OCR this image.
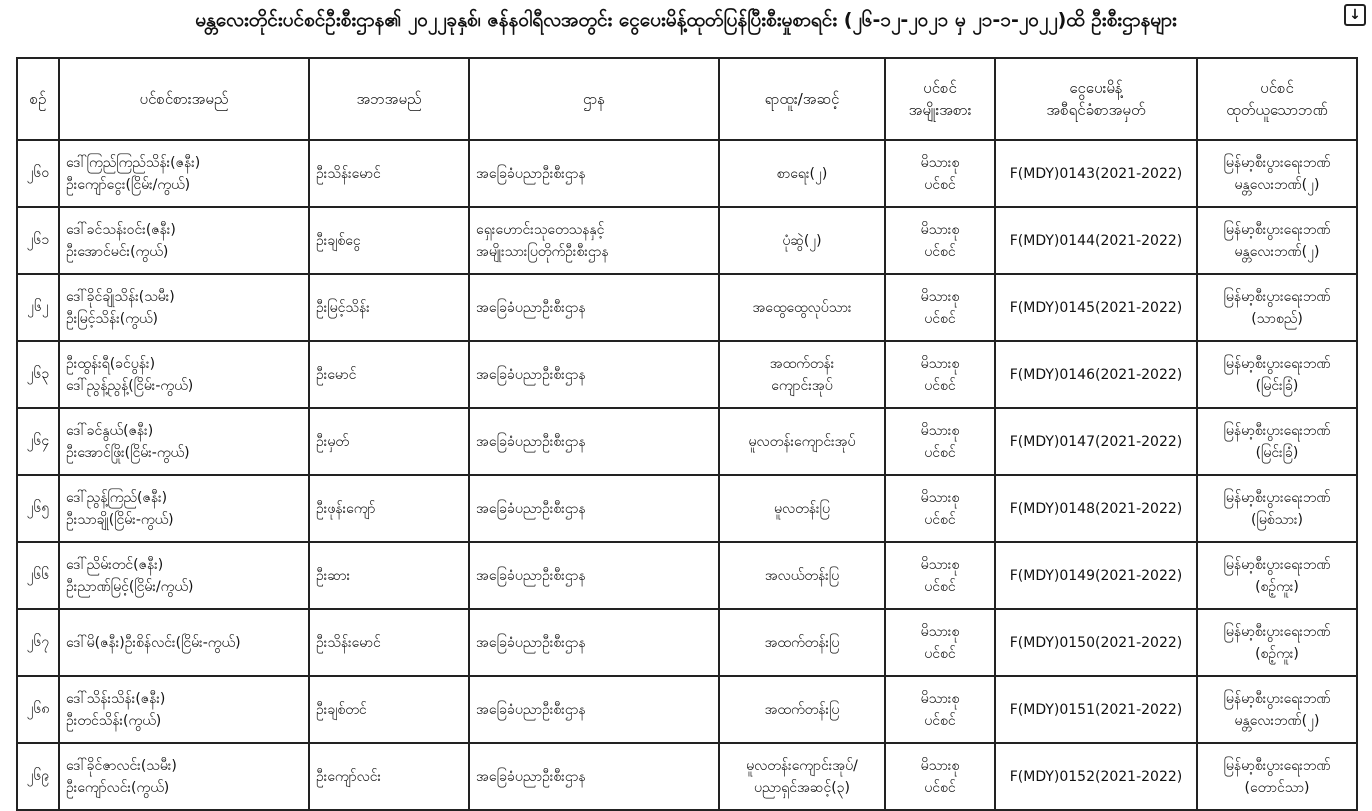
မန္တလေးတိုင်းပင်စင်ဦးစီးဌာန၏ ၂၀၂၂ခုနှစ်၊ ဇန်နဝါရီလအတွင်း ငွေပေးမိန့်ထုတ်ပြန်ပြီးစီးမှုစာရင်း (၂၆-၁၂-၂၀၂၁ မှ ၂၁-၁-၂၀၂၂)ထိ ဦးစီးဌာနများ	↓
စဉ်	ပင်စင်စားအမည်	အဘအမည်	ဌာန	ရာထူး/အဆင့်	ပင်စင်
အမျိုးအစား	ငွေပေးမိန့်
အစီရင်ခံစာအမှတ်	ပင်စင်
ထုတ်ယူသောဘဏ်

၂၆၀	ဒေါ်ကြည်ကြည်သိန်း(ဇနီး)
ဦးကျော်ငွေး(ငြိမ်း/ကွယ်)	ဦးသိန်းမောင်	အခြေခံပညာဦးစီးဌာန	စာရေး(၂)	မိသားစု
ပင်စင်	F(MDY)0143(2021-2022)	မြန်မာ့စီးပွားရေးဘဏ်
မန္တလေးဘဏ်(၂)

၂၆၁	ဒေါ်ခင်သန်းဝင်း(ဇနီး)
ဦးအောင်မင်း(ကွယ်)	ဦးချစ်ငွေ	ရှေးဟောင်းသုတေသနနှင့်
အမျိုးသားပြတိုက်ဦးစီးဌာန	ပုံဆွဲ(၂)	မိသားစု
ပင်စင်	F(MDY)0144(2021-2022)	မြန်မာ့စီးပွားရေးဘဏ်
မန္တလေးဘဏ်(၂)

၂၆၂	ဒေါ်ခိုင်ချိုသိန်း(သမီး)
ဦးမြင့်သိန်း(ကွယ်)	ဦးမြင့်သိန်း	အခြေခံပညာဦးစီးဌာန	အထွေထွေလုပ်သား	မိသားစု
ပင်စင်	F(MDY)0145(2021-2022)	မြန်မာ့စီးပွားရေးဘဏ်
(သာစည်)

၂၆၃	ဦးထွန်းရီ(ခင်ပွန်း)
ဒေါ်ညွန့်ညွန့်(ငြိမ်း-ကွယ်)	ဦးမောင်	အခြေခံပညာဦးစီးဌာန	အထက်တန်း
ကျောင်းအုပ်	မိသားစု
ပင်စင်	F(MDY)0146(2021-2022)	မြန်မာ့စီးပွားရေးဘဏ်
(မြင်းခြံ)

၂၆၄	ဒေါ်ခင်နွယ်(ဇနီး)
ဦးအောင်ဖြိုး(ငြိမ်း-ကွယ်)	ဦးမှတ်	အခြေခံပညာဦးစီးဌာန	မူလတန်းကျောင်းအုပ်	မိသားစု
ပင်စင်	F(MDY)0147(2021-2022)	မြန်မာ့စီးပွားရေးဘဏ်
(မြင်းခြံ)

၂၆၅	ဒေါ်ညွန့်ကြည်(ဇနီး)
ဦးသာချို(ငြိမ်း-ကွယ်)	ဦးဖုန်းကျော်	အခြေခံပညာဦးစီးဌာန	မူလတန်းပြ	မိသားစု
ပင်စင်	F(MDY)0148(2021-2022)	မြန်မာ့စီးပွားရေးဘဏ်
(မြစ်သား)

၂၆၆	ဒေါ်ညိမ်းတင်(ဇနီး)
ဦးညာဏ်မြင့်(ငြိမ်း/ကွယ်)	ဦးဆား	အခြေခံပညာဦးစီးဌာန	အလယ်တန်းပြ	မိသားစု
ပင်စင်	F(MDY)0149(2021-2022)	မြန်မာ့စီးပွားရေးဘဏ်
(စဥ့်ကူး)

၂၆၇	ဒေါ်မိ(ဇနီး)ဦးစိန်လင်း(ငြိမ်း-ကွယ်)	ဦးသိန်းမောင်	အခြေခံပညာဦးစီးဌာန	အထက်တန်းပြ	မိသားစု
ပင်စင်	F(MDY)0150(2021-2022)	မြန်မာ့စီးပွားရေးဘဏ်
(စဥ့်ကူး)

၂၆၈	ဒေါ်သိန်းသိန်း(ဇနီး)
ဦးတင်သိန်း(ကွယ်)	ဦးချစ်တင်	အခြေခံပညာဦးစီးဌာန	အထက်တန်းပြ	မိသားစု
ပင်စင်	F(MDY)0151(2021-2022)	မြန်မာ့စီးပွားရေးဘဏ်
မန္တလေးဘဏ်(၂)

၂၆၉	ဒေါ်ခိုင်ဇာလင်း(သမီး)
ဦးကျော်လင်း(ကွယ်)	ဦးကျော်လင်း	အခြေခံပညာဦးစီးဌာန	မူလတန်းကျောင်းအုပ်/
ပညာရှင်အဆင့်(၃)	မိသားစု
ပင်စင်	F(MDY)0152(2021-2022)	မြန်မာ့စီးပွားရေးဘဏ်
(တောင်သာ)
